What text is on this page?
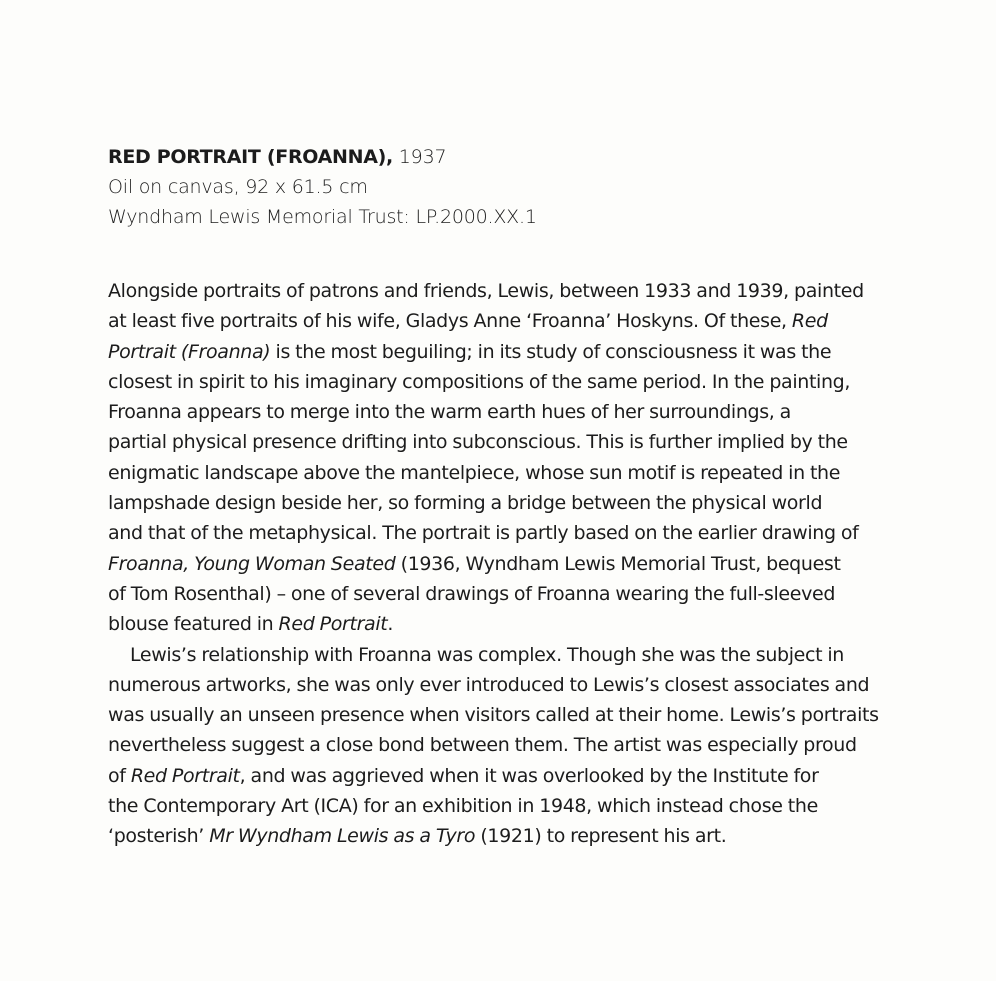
RED PORTRAIT (FROANNA), 1937
Oil on canvas, 92 x 61.5 cm
Wyndham Lewis Memorial Trust: LP.2000.XX.1
Alongside portraits of patrons and friends, Lewis, between 1933 and 1939, painted
at least five portraits of his wife, Gladys Anne ‘Froanna’ Hoskyns. Of these, Red
Portrait (Froanna) is the most beguiling; in its study of consciousness it was the
closest in spirit to his imaginary compositions of the same period. In the painting,
Froanna appears to merge into the warm earth hues of her surroundings, a
partial physical presence drifting into subconscious. This is further implied by the
enigmatic landscape above the mantelpiece, whose sun motif is repeated in the
lampshade design beside her, so forming a bridge between the physical world
and that of the metaphysical. The portrait is partly based on the earlier drawing of
Froanna, Young Woman Seated (1936, Wyndham Lewis Memorial Trust, bequest
of Tom Rosenthal) – one of several drawings of Froanna wearing the full-sleeved
blouse featured in Red Portrait.
Lewis’s relationship with Froanna was complex. Though she was the subject in
numerous artworks, she was only ever introduced to Lewis’s closest associates and
was usually an unseen presence when visitors called at their home. Lewis’s portraits
nevertheless suggest a close bond between them. The artist was especially proud
of Red Portrait, and was aggrieved when it was overlooked by the Institute for
the Contemporary Art (ICA) for an exhibition in 1948, which instead chose the
‘posterish’ Mr Wyndham Lewis as a Tyro (1921) to represent his art.
